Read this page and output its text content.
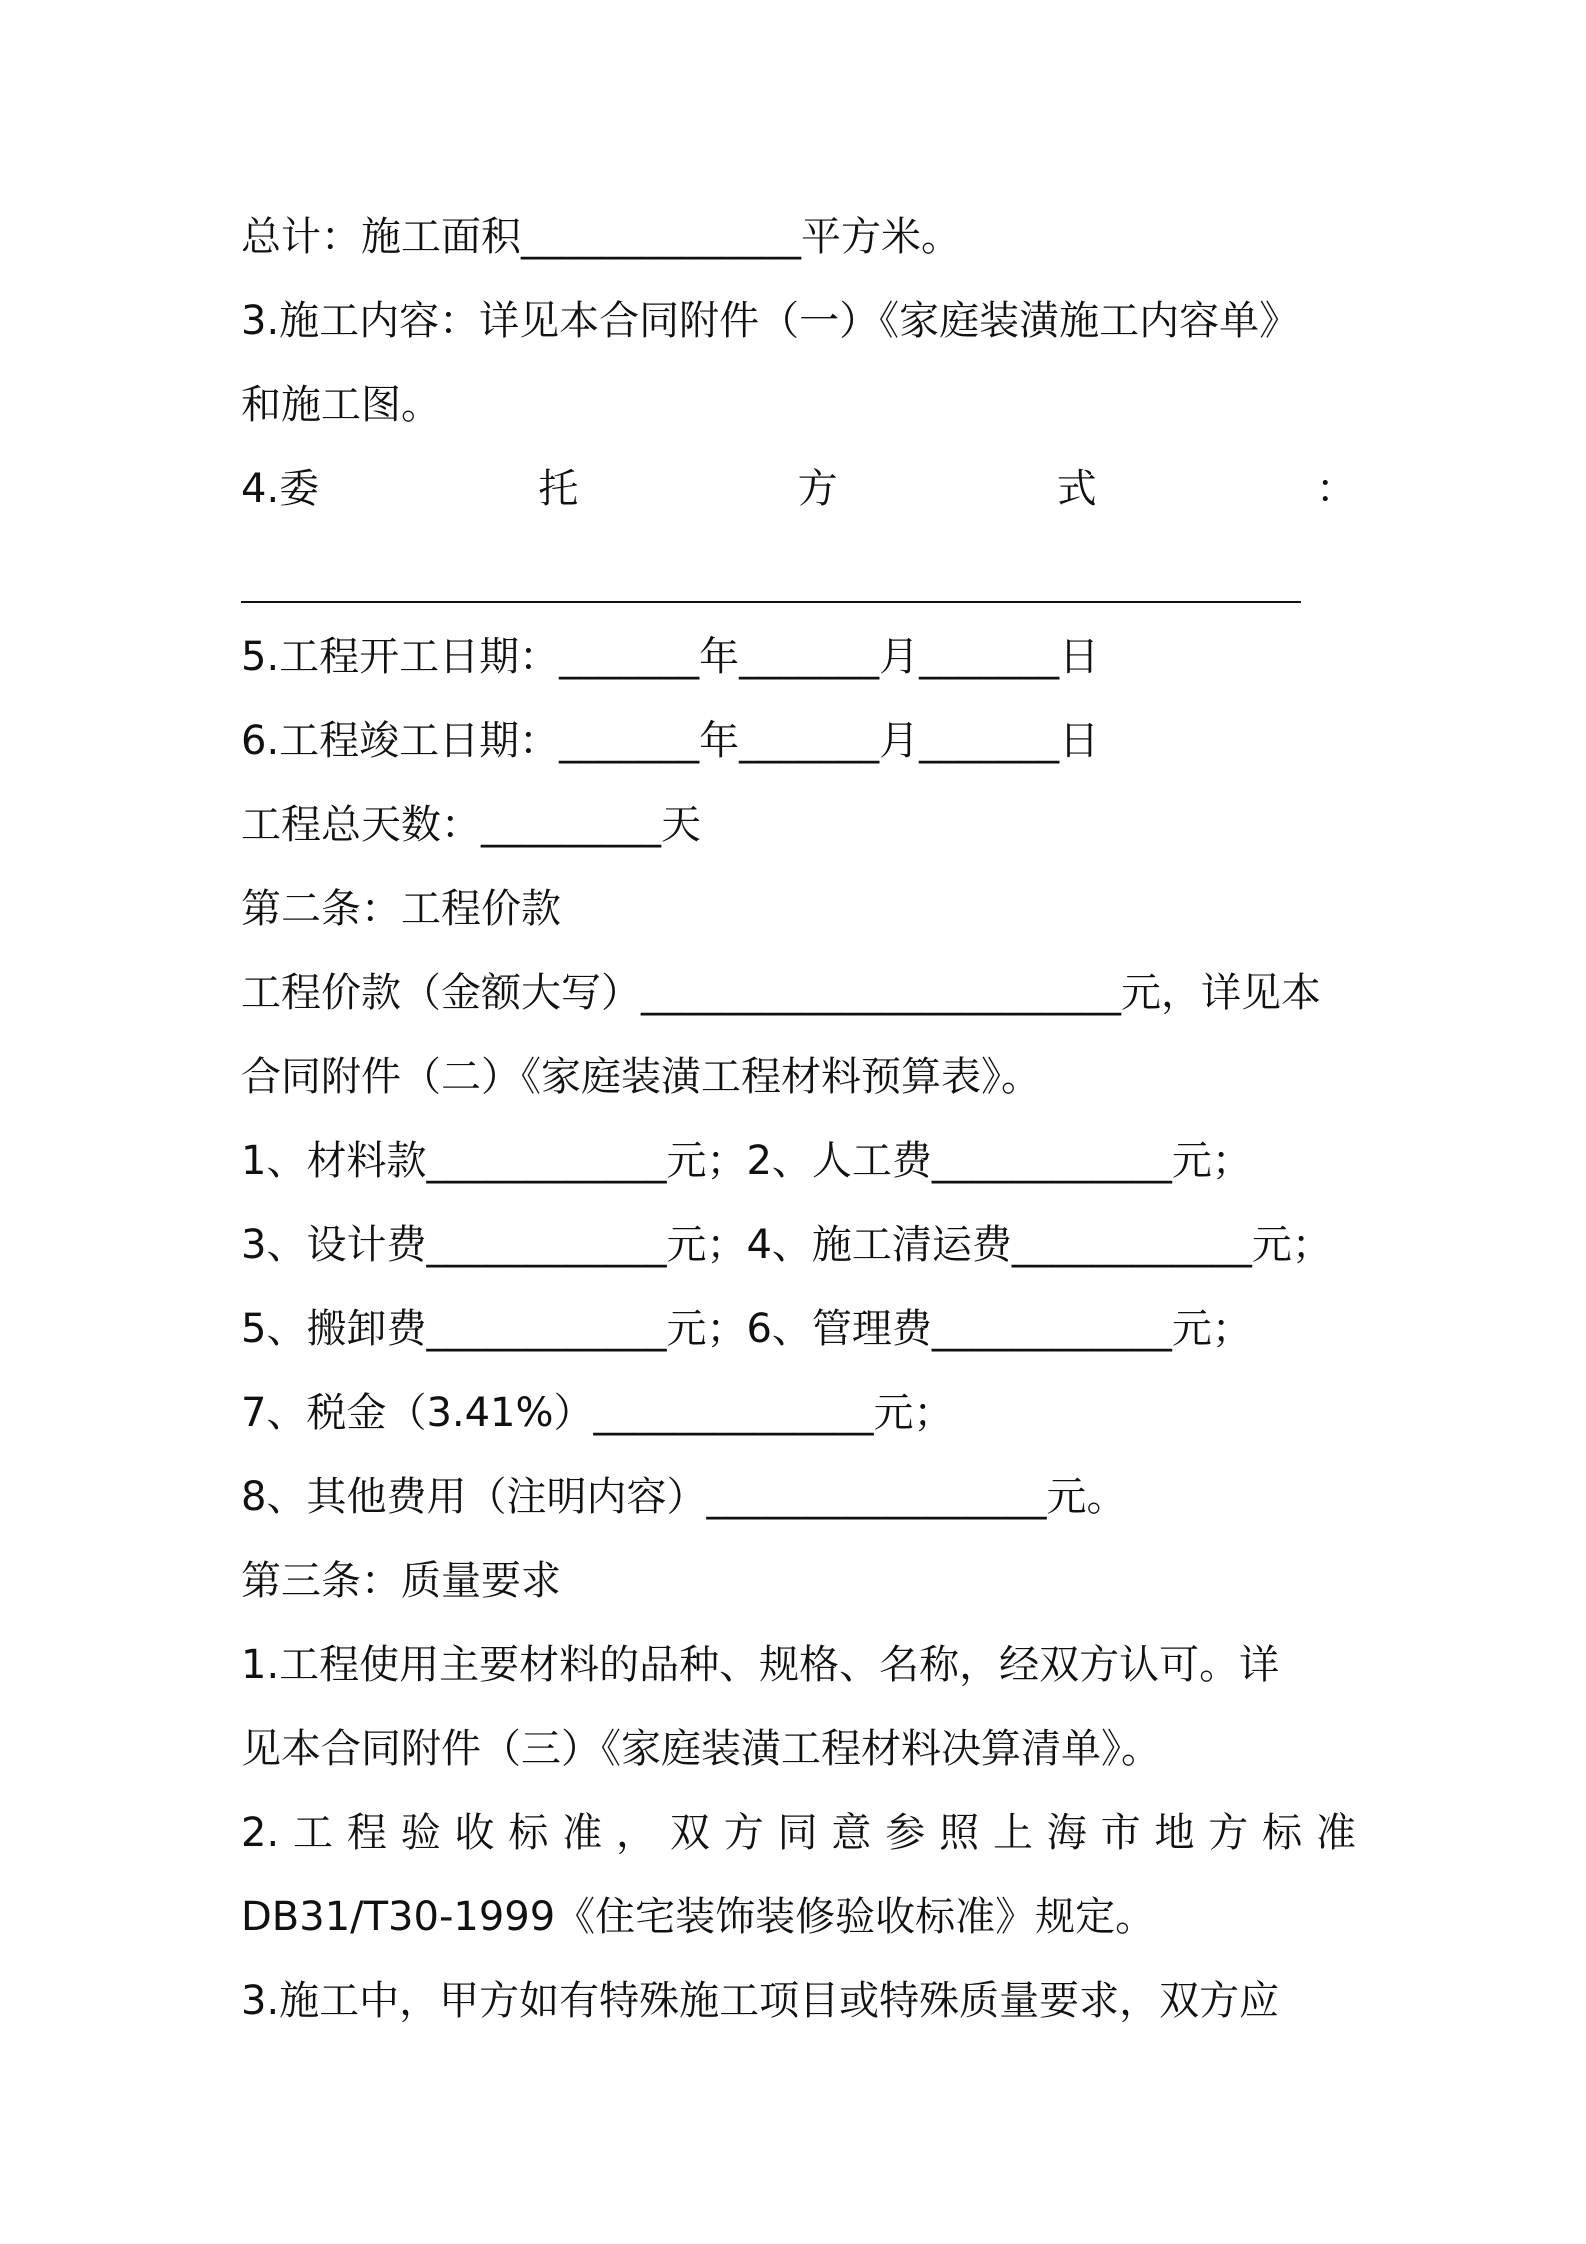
总计：施工面积______________平方米。
3.施工内容：详见本合同附件（一）《家庭装潢施工内容单》
和施工图。
4.委	托	方	式	：

5.工程开工日期：_______年_______月_______日
6.工程竣工日期：_______年_______月_______日
工程总天数：_________天
第二条：工程价款
工程价款（金额大写）________________________元，详见本
合同附件（二）《家庭装潢工程材料预算表》。
1、材料款____________元；2、人工费____________元；
3、设计费____________元；4、施工清运费____________元；
5、搬卸费____________元；6、管理费____________元；
7、税金（3.41%）______________元；
8、其他费用（注明内容）_________________元。
第三条：质量要求
1.工程使用主要材料的品种、规格、名称，经双方认可。详
见本合同附件（三）《家庭装潢工程材料决算清单》。
2.工程验收标准，双方同意参照上海市地方标准
DB31/T30-1999《住宅装饰装修验收标准》规定。
3.施工中，甲方如有特殊施工项目或特殊质量要求，双方应
